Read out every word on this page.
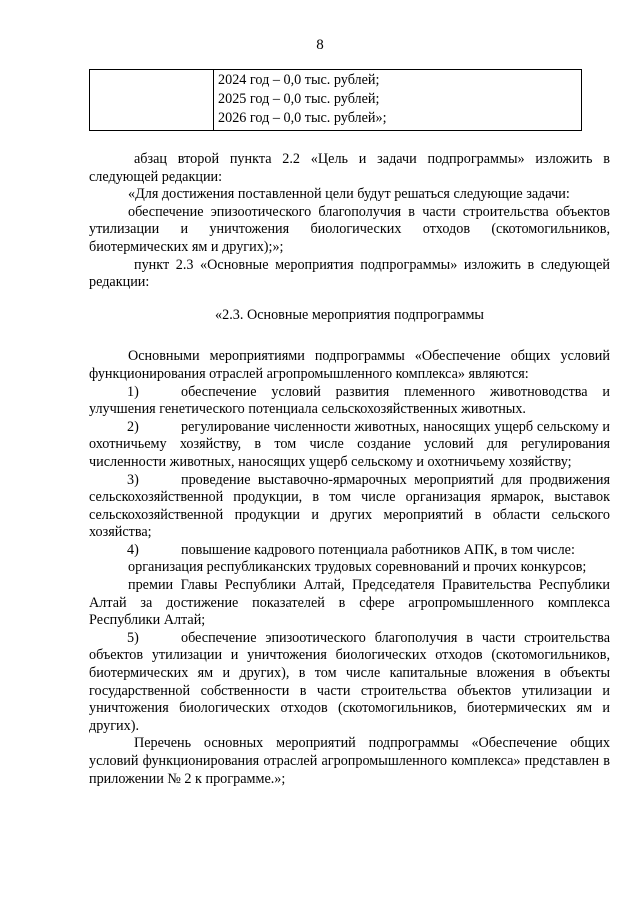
8

2024 год – 0,0 тыс. рублей;
2025 год – 0,0 тыс. рублей;
2026 год – 0,0 тыс. рублей»;

абзац второй пункта 2.2 «Цель и задачи подпрограммы» изложить в следующей редакции:

«Для достижения поставленной цели будут решаться следующие задачи:

обеспечение эпизоотического благополучия в части строительства объектов утилизации и уничтожения биологических отходов (скотомогильников, биотермических ям и других);»;

пункт 2.3 «Основные мероприятия подпрограммы» изложить в следующей редакции:

«2.3. Основные мероприятия подпрограммы

Основными мероприятиями подпрограммы «Обеспечение общих условий функционирования отраслей агропромышленного комплекса» являются:

1)	обеспечение условий развития племенного животноводства и улучшения генетического потенциала сельскохозяйственных животных.

2)	регулирование численности животных, наносящих ущерб сельскому и охотничьему хозяйству, в том числе создание условий для регулирования численности животных, наносящих ущерб сельскому и охотничьему хозяйству;

3)	проведение выставочно-ярмарочных мероприятий для продвижения сельскохозяйственной продукции, в том числе организация ярмарок, выставок сельскохозяйственной продукции и других мероприятий в области сельского хозяйства;

4)	повышение кадрового потенциала работников АПК, в том числе:

организация республиканских трудовых соревнований и прочих конкурсов;

премии Главы Республики Алтай, Председателя Правительства Республики Алтай за достижение показателей в сфере агропромышленного комплекса Республики Алтай;

5)	обеспечение эпизоотического благополучия в части строительства объектов утилизации и уничтожения биологических отходов (скотомогильников, биотермических ям и других), в том числе капитальные вложения в объекты государственной собственности в части строительства объектов утилизации и уничтожения биологических отходов (скотомогильников, биотермических ям и других).

Перечень основных мероприятий подпрограммы «Обеспечение общих условий функционирования отраслей агропромышленного комплекса» представлен в приложении № 2 к программе.»;
